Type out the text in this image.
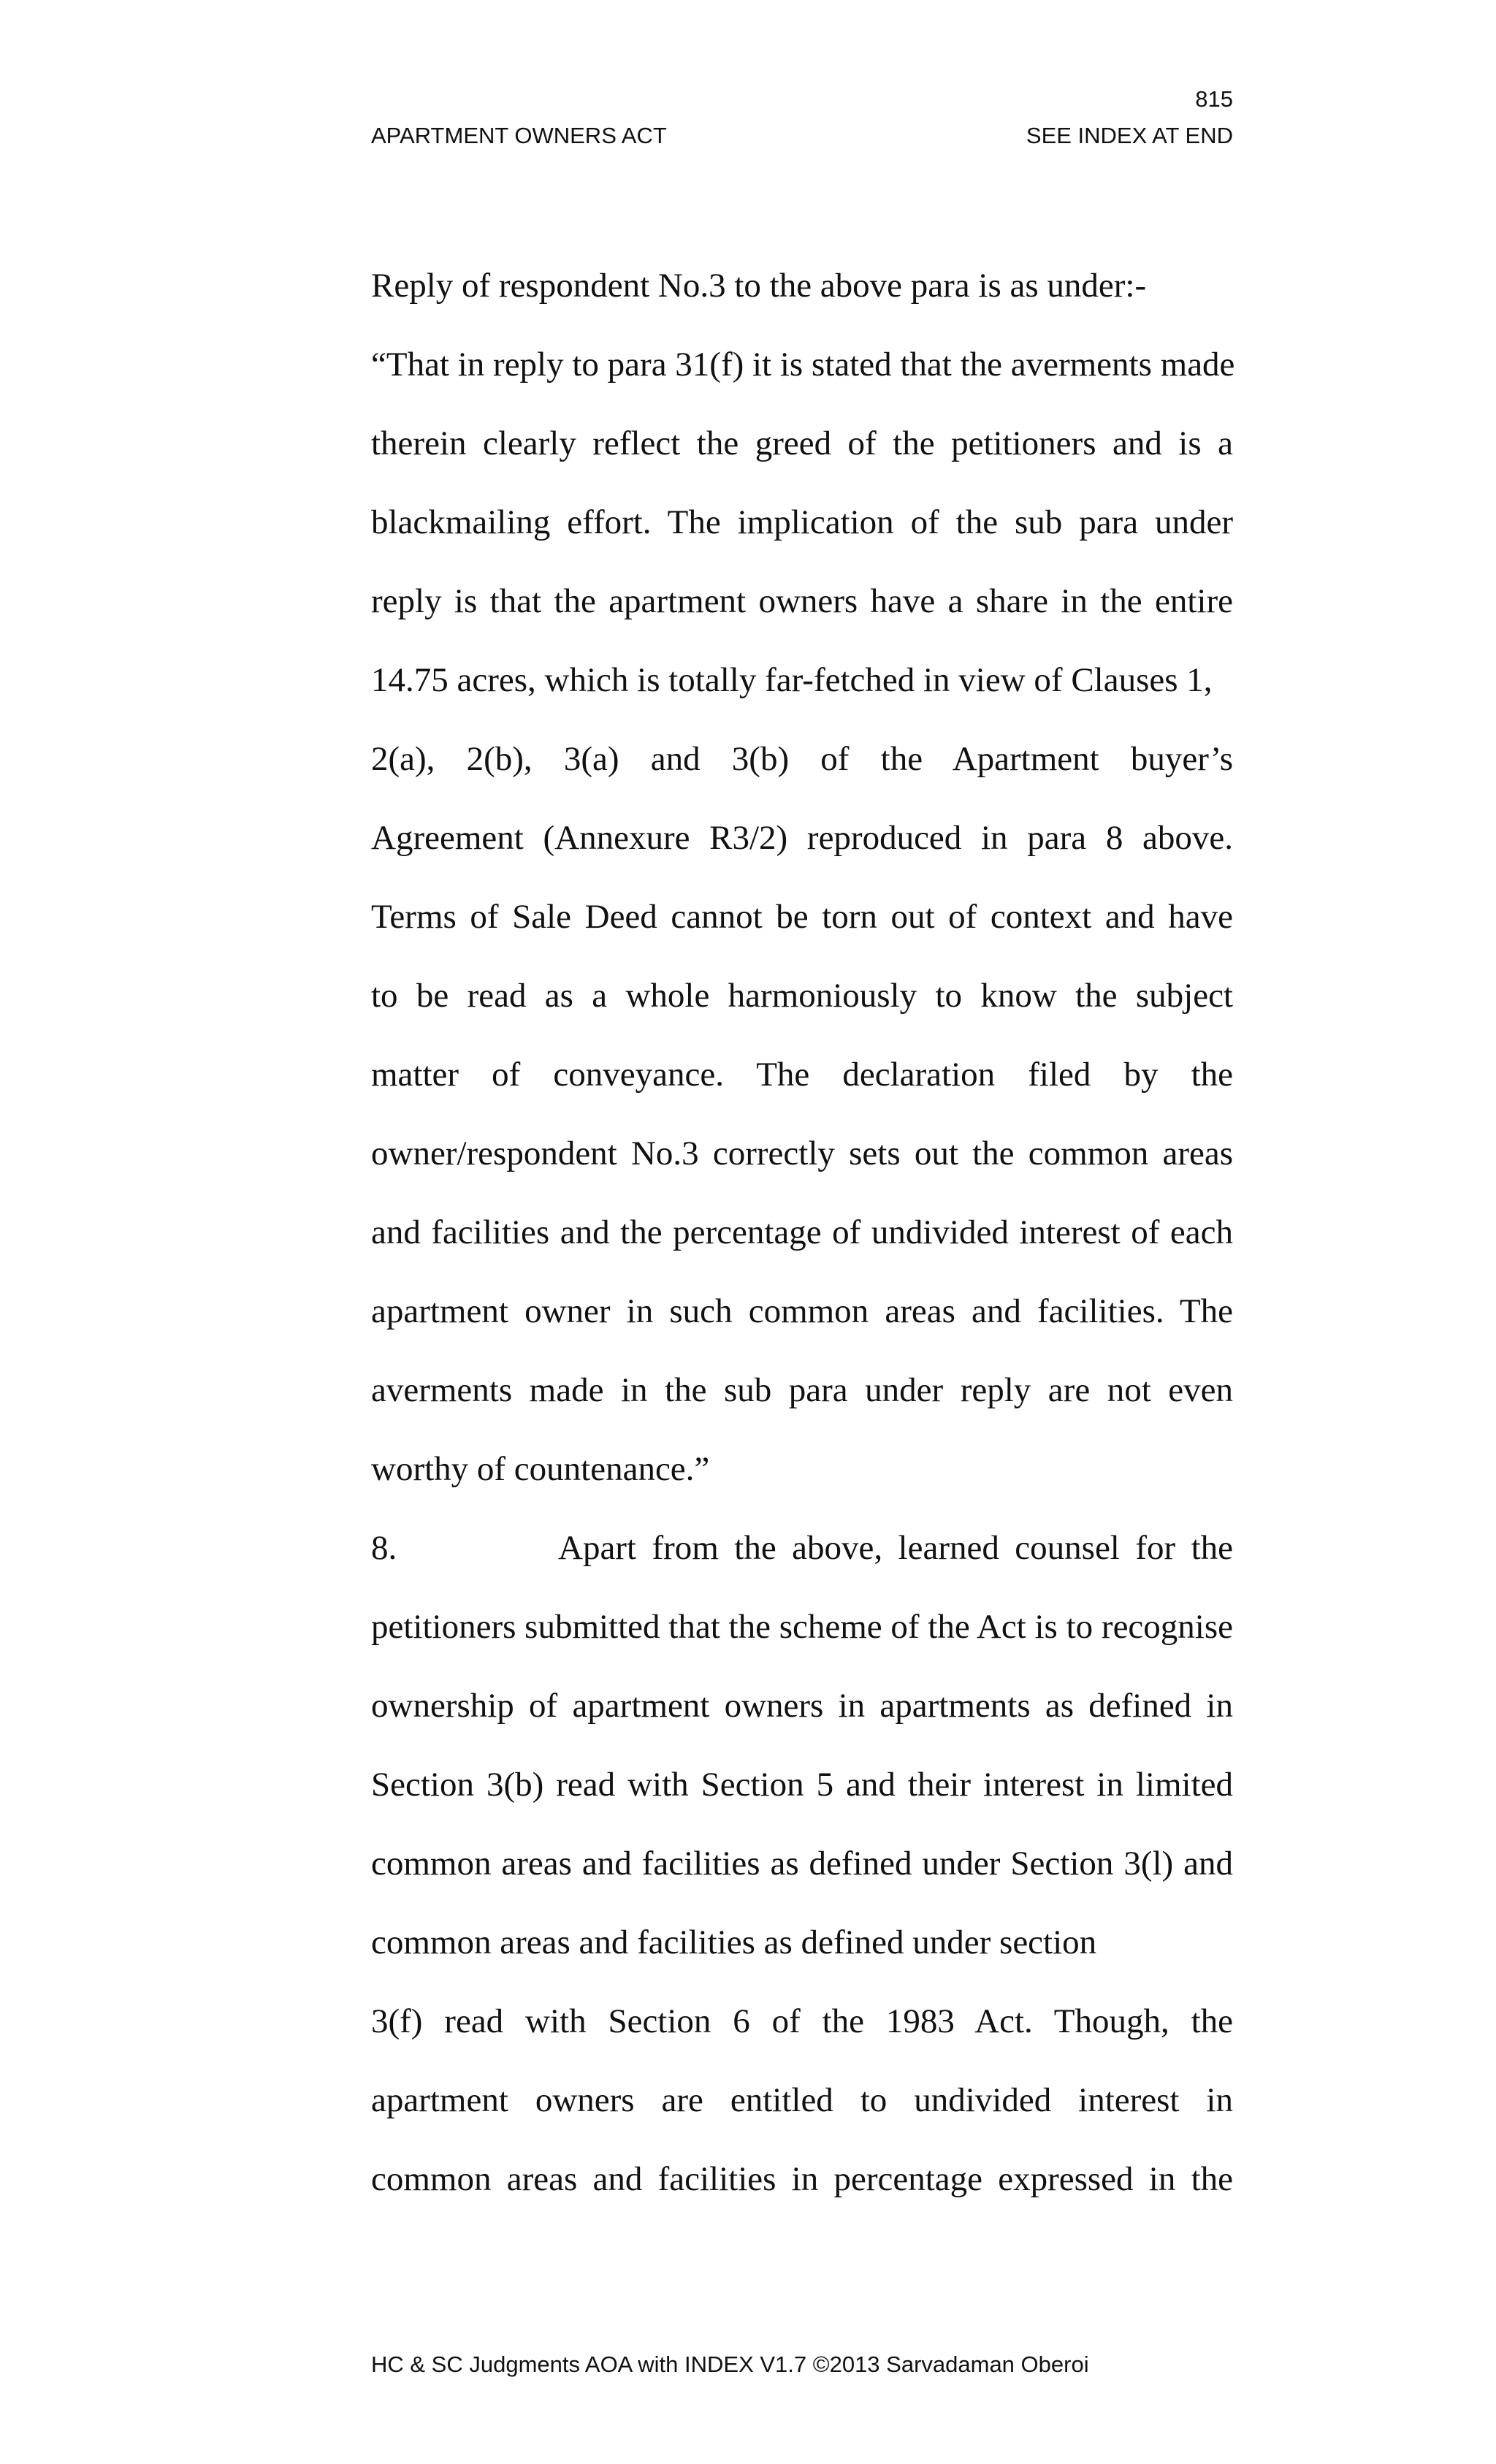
815
APARTMENT OWNERS ACT	SEE INDEX AT END
Reply of respondent No.3 to the above para is as under:-
“That in reply to para 31(f) it is stated that the averments made
therein clearly reflect the greed of the petitioners and is a
blackmailing effort. The implication of the sub para under
reply is that the apartment owners have a share in the entire
14.75 acres, which is totally far-fetched in view of Clauses 1,
2(a), 2(b), 3(a) and 3(b) of the Apartment buyer’s
Agreement (Annexure R3/2) reproduced in para 8 above.
Terms of Sale Deed cannot be torn out of context and have
to be read as a whole harmoniously to know the subject
matter of conveyance. The declaration filed by the
owner/respondent No.3 correctly sets out the common areas
and facilities and the percentage of undivided interest of each
apartment owner in such common areas and facilities. The
averments made in the sub para under reply are not even
worthy of countenance.”
8.	Apart from the above, learned counsel for the
petitioners submitted that the scheme of the Act is to recognise
ownership of apartment owners in apartments as defined in
Section 3(b) read with Section 5 and their interest in limited
common areas and facilities as defined under Section 3(l) and
common areas and facilities as defined under section
3(f) read with Section 6 of the 1983 Act. Though, the
apartment owners are entitled to undivided interest in
common areas and facilities in percentage expressed in the
HC & SC Judgments AOA with INDEX V1.7 ©2013 Sarvadaman Oberoi
